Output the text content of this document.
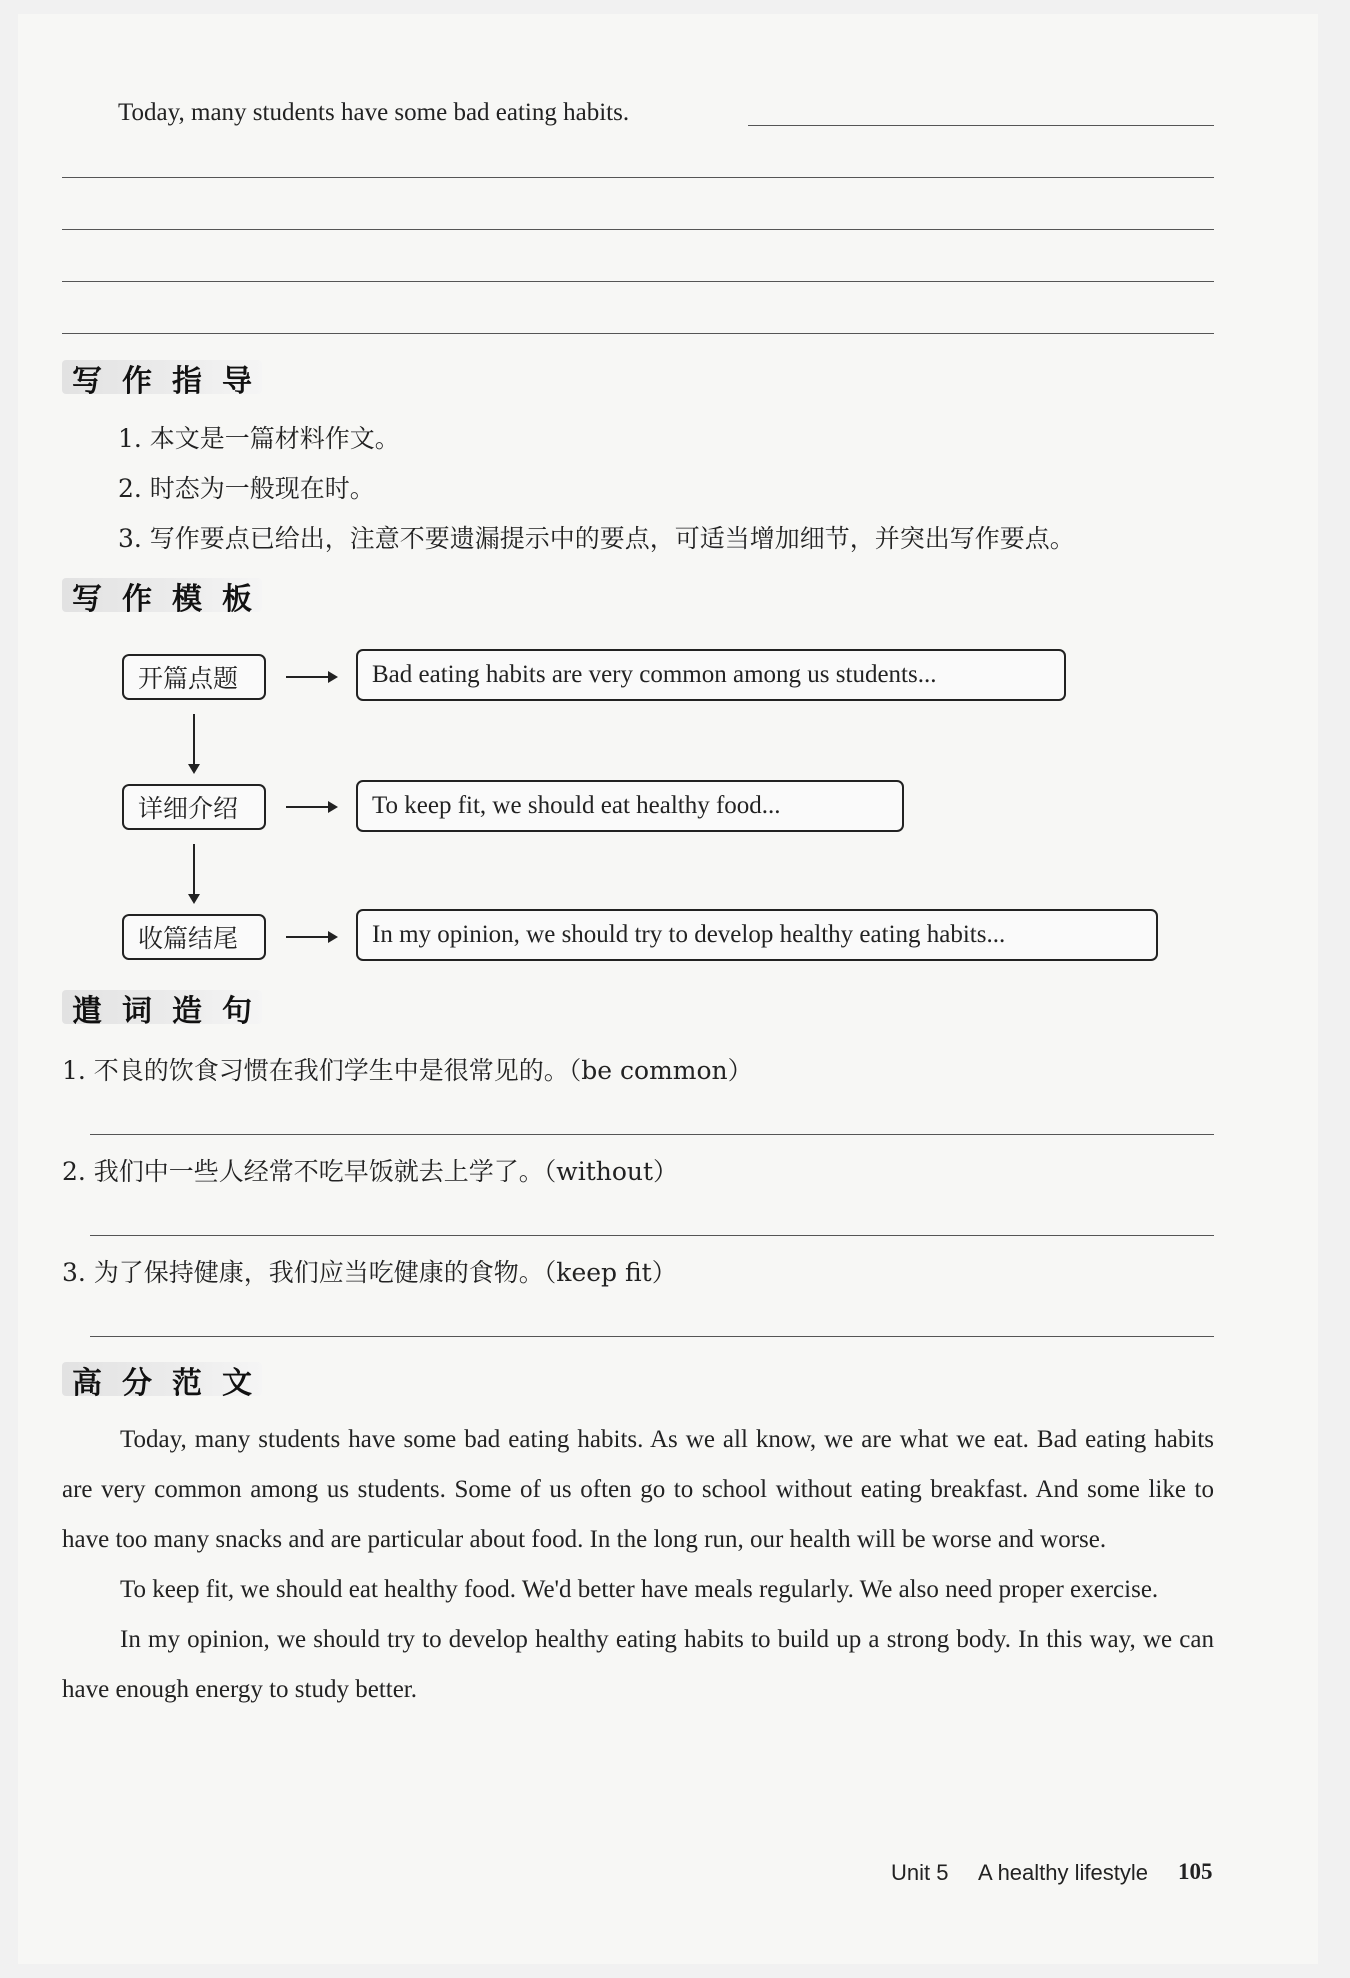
Today, many students have some bad eating habits.
写 作 指 导
1. 本文是一篇材料作文。
2. 时态为一般现在时。
3. 写作要点已给出，注意不要遗漏提示中的要点，可适当增加细节，并突出写作要点。
写 作 模 板
开篇点题	Bad eating habits are very common among us students...
详细介绍	To keep fit, we should eat healthy food...
收篇结尾	In my opinion, we should try to develop healthy eating habits...
遣 词 造 句
1. 不良的饮食习惯在我们学生中是很常见的。（be common）
2. 我们中一些人经常不吃早饭就去上学了。（without）
3. 为了保持健康，我们应当吃健康的食物。（keep fit）
高 分 范 文

Today, many students have some bad eating habits. As we all know, we are what we eat. Bad eating habits are very common among us students. Some of us often go to school without eating breakfast. And some like to have too many snacks and are particular about food. In the long run, our health will be worse and worse.

To keep fit, we should eat healthy food. We'd better have meals regularly. We also need proper exercise.

In my opinion, we should try to develop healthy eating habits to build up a strong body. In this way, we can have enough energy to study better.

Unit 5 A healthy lifestyle 105
